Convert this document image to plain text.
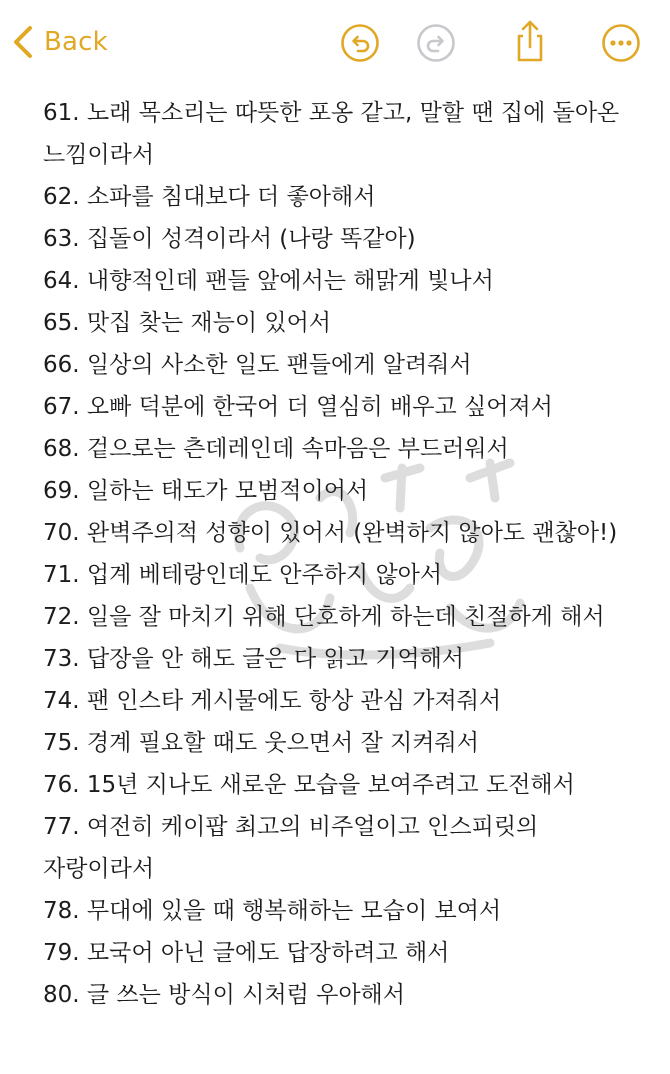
Back
61. 노래 목소리는 따뜻한 포옹 같고, 말할 땐 집에 돌아온 느낌이라서
62. 소파를 침대보다 더 좋아해서
63. 집돌이 성격이라서 (나랑 똑같아)
64. 내향적인데 팬들 앞에서는 해맑게 빛나서
65. 맛집 찾는 재능이 있어서
66. 일상의 사소한 일도 팬들에게 알려줘서
67. 오빠 덕분에 한국어 더 열심히 배우고 싶어져서
68. 겉으로는 츤데레인데 속마음은 부드러워서
69. 일하는 태도가 모범적이어서
70. 완벽주의적 성향이 있어서 (완벽하지 않아도 괜찮아!)
71. 업계 베테랑인데도 안주하지 않아서
72. 일을 잘 마치기 위해 단호하게 하는데 친절하게 해서
73. 답장을 안 해도 글은 다 읽고 기억해서
74. 팬 인스타 게시물에도 항상 관심 가져줘서
75. 경계 필요할 때도 웃으면서 잘 지켜줘서
76. 15년 지나도 새로운 모습을 보여주려고 도전해서
77. 여전히 케이팝 최고의 비주얼이고 인스피릿의 자랑이라서
78. 무대에 있을 때 행복해하는 모습이 보여서
79. 모국어 아닌 글에도 답장하려고 해서
80. 글 쓰는 방식이 시처럼 우아해서
